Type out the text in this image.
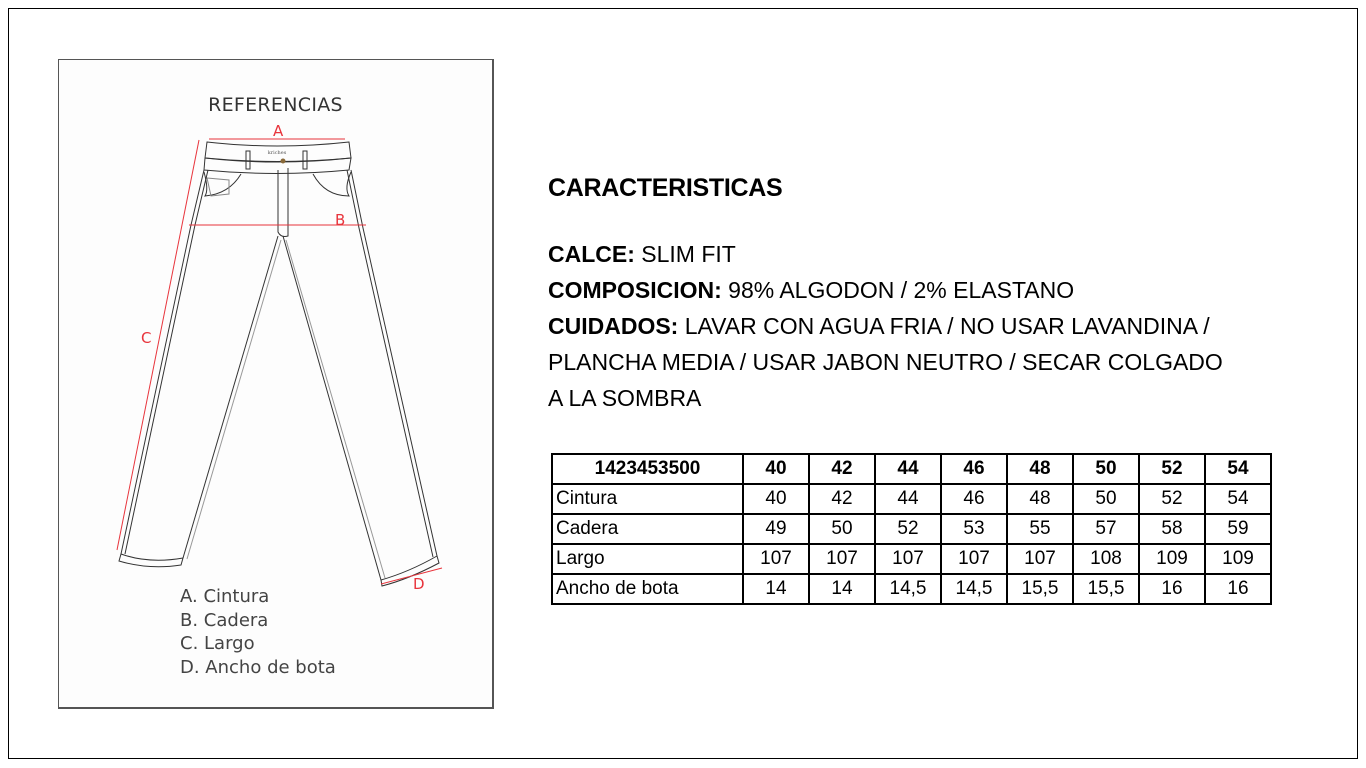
REFERENCIAS
kriches
A
B
C
D
A. Cintura
B. Cadera
C. Largo
D. Ancho de bota
CARACTERISTICAS
CALCE: SLIM FIT
COMPOSICION: 98% ALGODON / 2% ELASTANO
CUIDADOS: LAVAR CON AGUA FRIA / NO USAR LAVANDINA /
PLANCHA MEDIA / USAR JABON NEUTRO / SECAR COLGADO
A LA SOMBRA
1423453500	40	42	44	46	48	50	52	54
Cintura	40	42	44	46	48	50	52	54
Cadera	49	50	52	53	55	57	58	59
Largo	107	107	107	107	107	108	109	109
Ancho de bota	14	14	14,5	14,5	15,5	15,5	16	16
